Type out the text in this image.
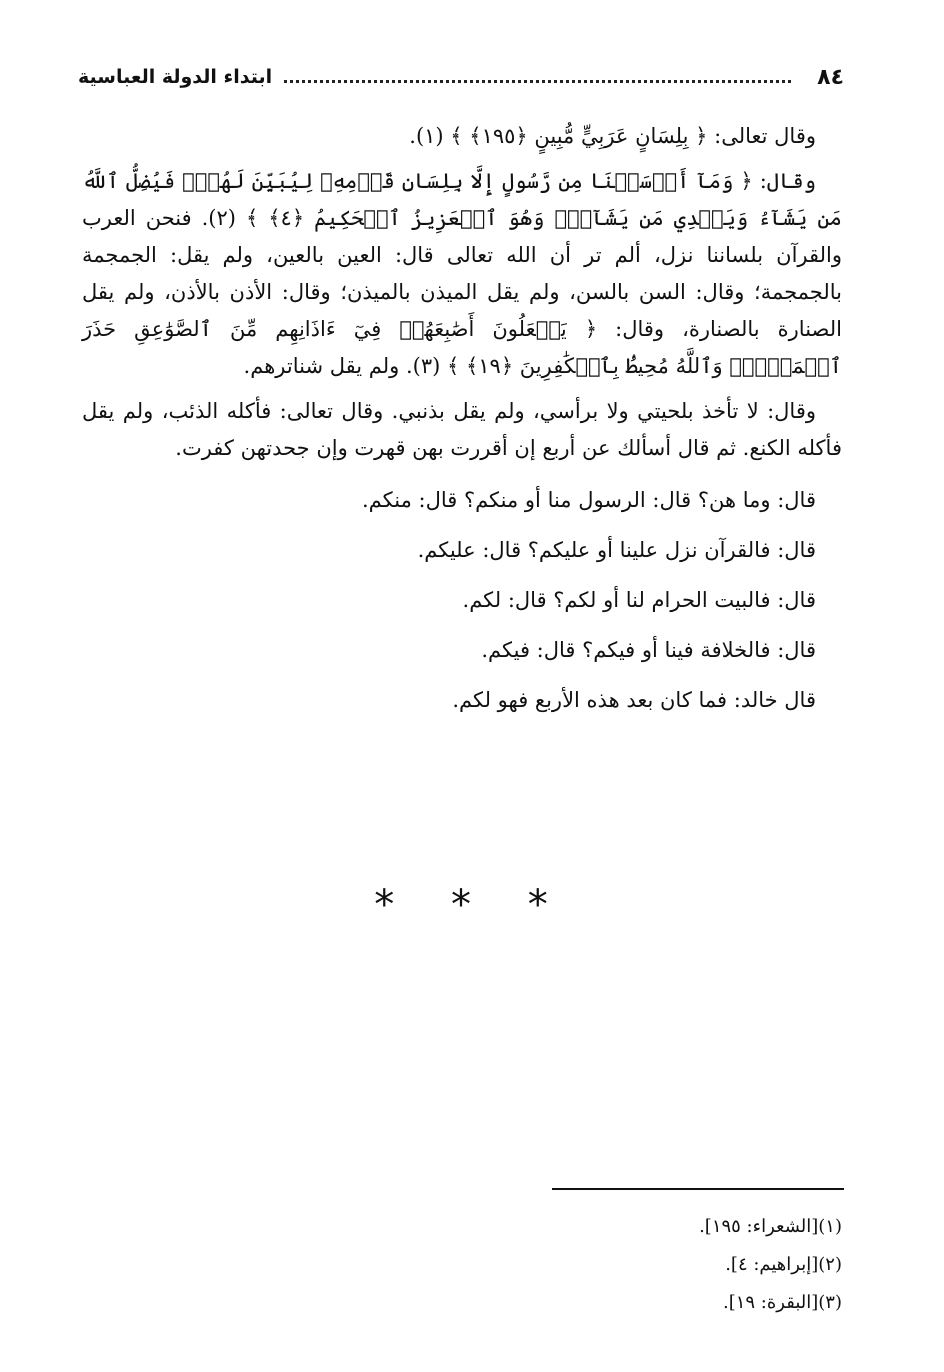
٨٤
ابتداء الدولة العباسية

وقال تعالى: ﴿ بِلِسَانٍ عَرَبِيٍّ مُّبِينٍ ﴿١٩٥﴾ ﴾ (١).

وقال: ﴿ وَمَآ أَرۡسَلۡنَا مِن رَّسُولٍ إِلَّا بِلِسَانِ قَوۡمِهِۦ لِيُبَيِّنَ لَهُمۡۖ فَيُضِلُّ ٱللَّهُ مَن يَشَآءُ وَيَهۡدِي مَن يَشَآءُۚ وَهُوَ ٱلۡعَزِيزُ ٱلۡحَكِيمُ ﴿٤﴾ ﴾ (٢). فنحن العرب والقرآن بلساننا نزل، ألم تر أن الله تعالى قال: العين بالعين، ولم يقل: الجمجمة بالجمجمة؛ وقال: السن بالسن، ولم يقل الميذن بالميذن؛ وقال: الأذن بالأذن، ولم يقل الصنارة بالصنارة، وقال: ﴿ يَجۡعَلُونَ أَصَٰبِعَهُمۡ فِيٓ ءَاذَانِهِم مِّنَ ٱلصَّوَٰعِقِ حَذَرَ ٱلۡمَوۡتِۚ وَٱللَّهُ مُحِيطُۢ بِٱلۡكَٰفِرِينَ ﴿١٩﴾ ﴾ (٣). ولم يقل شناترهم.

وقال: لا تأخذ بلحيتي ولا برأسي، ولم يقل بذنبي. وقال تعالى: فأكله الذئب، ولم يقل فأكله الكنع. ثم قال أسألك عن أربع إن أقررت بهن قهرت وإن جحدتهن كفرت.

قال: وما هن؟ قال: الرسول منا أو منكم؟ قال: منكم.

قال: فالقرآن نزل علينا أو عليكم؟ قال: عليكم.

قال: فالبيت الحرام لنا أو لكم؟ قال: لكم.

قال: فالخلافة فينا أو فيكم؟ قال: فيكم.

قال خالد: فما كان بعد هذه الأربع فهو لكم.

* * *
(١)[الشعراء: ١٩٥].
(٢)[إبراهيم: ٤].
(٣)[البقرة: ١٩].
